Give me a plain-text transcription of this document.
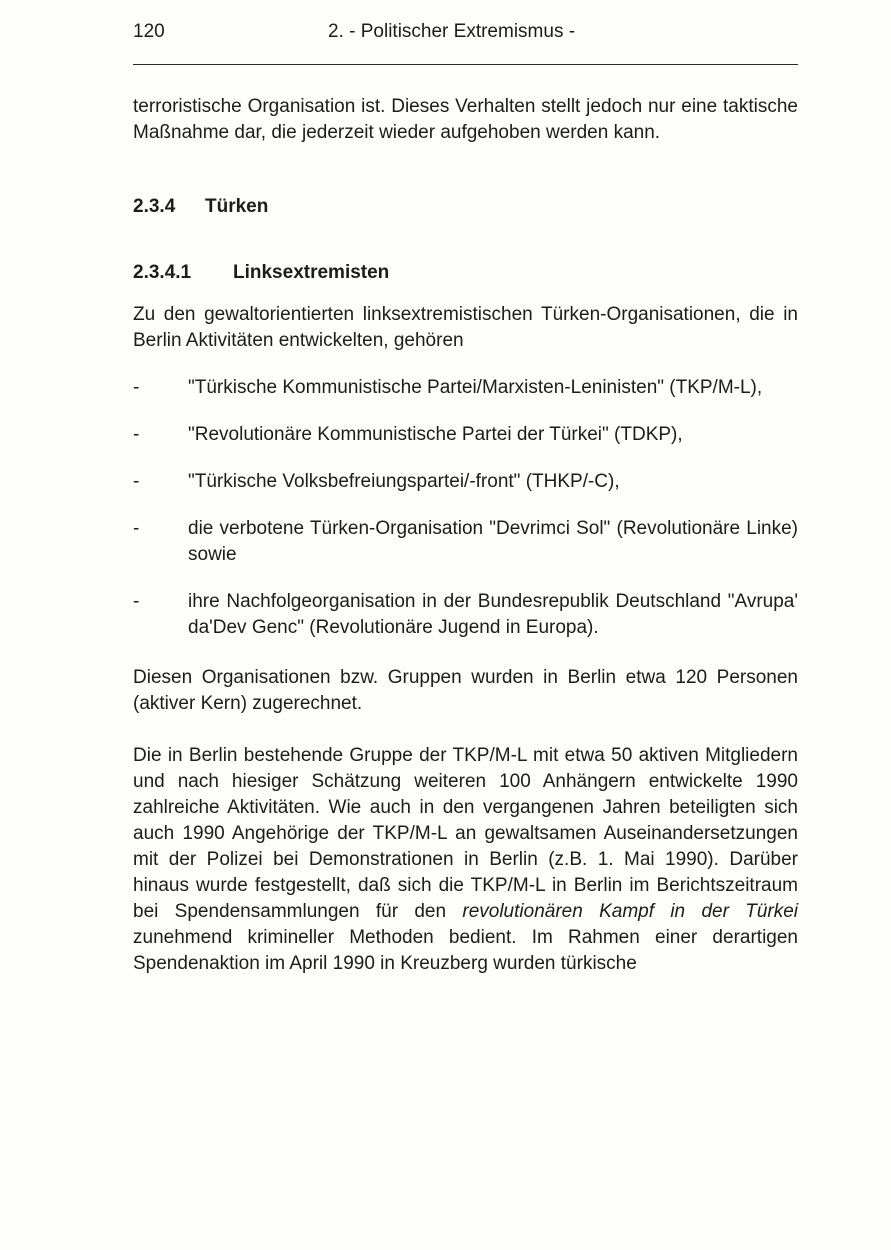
120	2. - Politischer Extremismus -

terroristische Organisation ist. Dieses Verhalten stellt jedoch nur eine taktische Maßnahme dar, die jederzeit wieder aufgehoben werden kann.

2.3.4 Türken
2.3.4.1 Linksextremisten

Zu den gewaltorientierten linksextremistischen Türken-Organisationen, die in Berlin Aktivitäten entwickelten, gehören

-	"Türkische Kommunistische Partei/Marxisten-Leninisten" (TKP/M-L),

-	"Revolutionäre Kommunistische Partei der Türkei" (TDKP),

-	"Türkische Volksbefreiungspartei/-front" (THKP/-C),

-	die verbotene Türken-Organisation "Devrimci Sol" (Revolutionäre Linke) sowie

-	ihre Nachfolgeorganisation in der Bundesrepublik Deutschland "Avrupa' da'Dev Genc" (Revolutionäre Jugend in Europa).

Diesen Organisationen bzw. Gruppen wurden in Berlin etwa 120 Personen (aktiver Kern) zugerechnet.

Die in Berlin bestehende Gruppe der TKP/M-L mit etwa 50 aktiven Mitgliedern und nach hiesiger Schätzung weiteren 100 Anhängern entwickelte 1990 zahlreiche Aktivitäten. Wie auch in den vergangenen Jahren beteiligten sich auch 1990 Angehörige der TKP/M-L an gewaltsamen Auseinandersetzungen mit der Polizei bei Demonstrationen in Berlin (z.B. 1. Mai 1990). Darüber hinaus wurde festgestellt, daß sich die TKP/M-L in Berlin im Berichtszeitraum bei Spendensammlungen für den revolutionären Kampf in der Türkei zunehmend krimineller Methoden bedient. Im Rahmen einer derartigen Spendenaktion im April 1990 in Kreuzberg wurden türkische
